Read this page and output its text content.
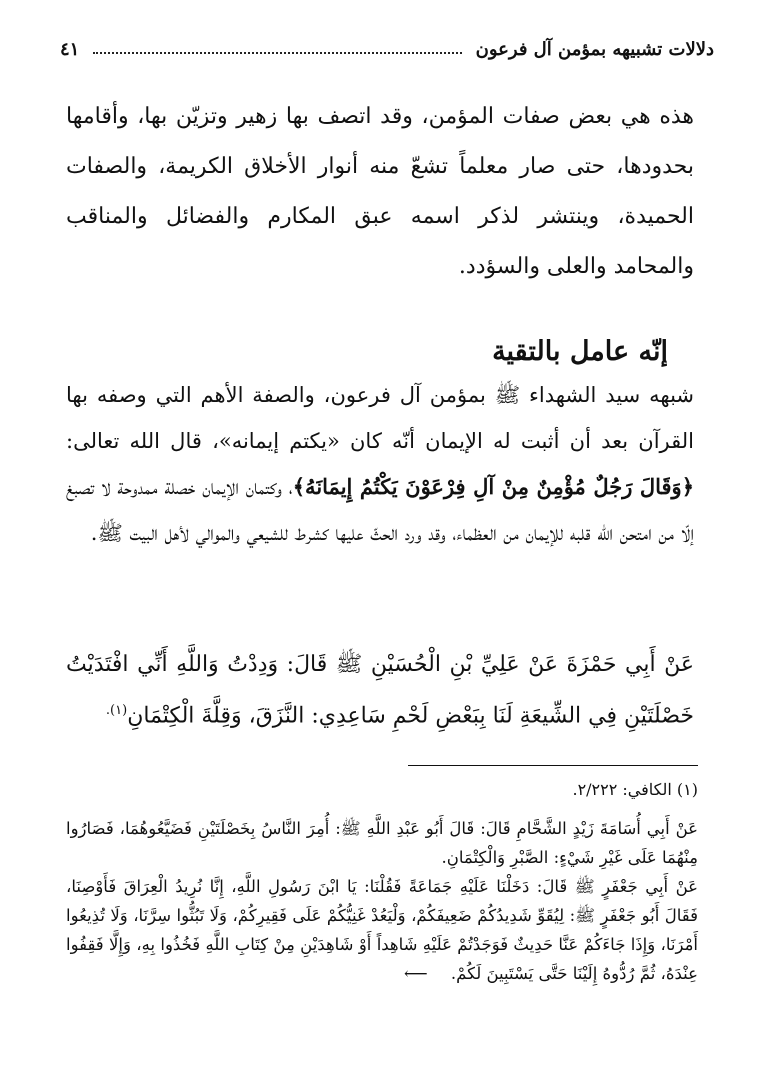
دلالات تشبيهه بمؤمن آل فرعون
٤١
هذه هي بعض صفات المؤمن، وقد اتصف بها زهير وتزيّن بها، وأقامها بحدودها، حتى صار معلماً تشعّ منه أنوار الأخلاق الكريمة، والصفات الحميدة، وينتشر لذكر اسمه عبق المكارم والفضائل والمناقب والمحامد والعلى والسؤدد.
إنّه عامل بالتقية
شبهه سيد الشهداء ﷺ بمؤمن آل فرعون، والصفة الأهم التي وصفه بها القرآن بعد أن أثبت له الإيمان أنّه كان «يكتم إيمانه»، قال الله تعالى: ﴿وَقَالَ رَجُلٌ مُؤْمِنٌ مِنْ آلِ فِرْعَوْنَ يَكْتُمُ إِيمَانَهُ﴾، وكتمان الإيمان خصلة ممدوحة لا تصبغ إلّا من امتحن الله قلبه للإيمان من العظماء، وقد ورد الحثّ عليها كشرط للشيعي والموالي لأهل البيت ﷺ.
عَنْ أَبِي حَمْزَةَ عَنْ عَلِيِّ بْنِ الْحُسَيْنِ ﷺ قَالَ: وَدِدْتُ وَاللَّهِ أَنِّي افْتَدَيْتُ خَصْلَتَيْنِ فِي الشِّيعَةِ لَنَا بِبَعْضِ لَحْمِ سَاعِدِي: النَّزَقَ، وَقِلَّةَ الْكِتْمَانِ$^{(١).}$
(١) الكافي: ٢/٢٢٢.

عَنْ أَبِي أُسَامَةَ زَيْدٍ الشَّحَّامِ قَالَ: قَالَ أَبُو عَبْدِ اللَّهِ ﷺ: أُمِرَ النَّاسُ بِخَصْلَتَيْنِ فَضَيَّعُوهُمَا، فَصَارُوا مِنْهُمَا عَلَى غَيْرِ شَيْءٍ: الصَّبْرِ وَالْكِتْمَانِ.

عَنْ أَبِي جَعْفَرٍ ﷺ قَالَ: دَخَلْنَا عَلَيْهِ جَمَاعَةً فَقُلْنَا: يَا ابْنَ رَسُولِ اللَّهِ، إِنَّا نُرِيدُ الْعِرَاقَ فَأَوْصِنَا، فَقَالَ أَبُو جَعْفَرٍ ﷺ: لِيُقَوِّ شَدِيدُكُمْ ضَعِيفَكُمْ، وَلْيَعُدْ غَنِيُّكُمْ عَلَى فَقِيرِكُمْ، وَلَا تَبُثُّوا سِرَّنَا، وَلَا تُذِيعُوا أَمْرَنَا، وَإِذَا جَاءَكُمْ عَنَّا حَدِيثٌ فَوَجَدْتُمْ عَلَيْهِ شَاهِداً أَوْ شَاهِدَيْنِ مِنْ كِتَابِ اللَّهِ فَخُذُوا بِهِ، وَإِلَّا فَقِفُوا عِنْدَهُ، ثُمَّ رُدُّوهُ إِلَيْنَا حَتَّى يَسْتَبِينَ لَكُمْ. ⟵
